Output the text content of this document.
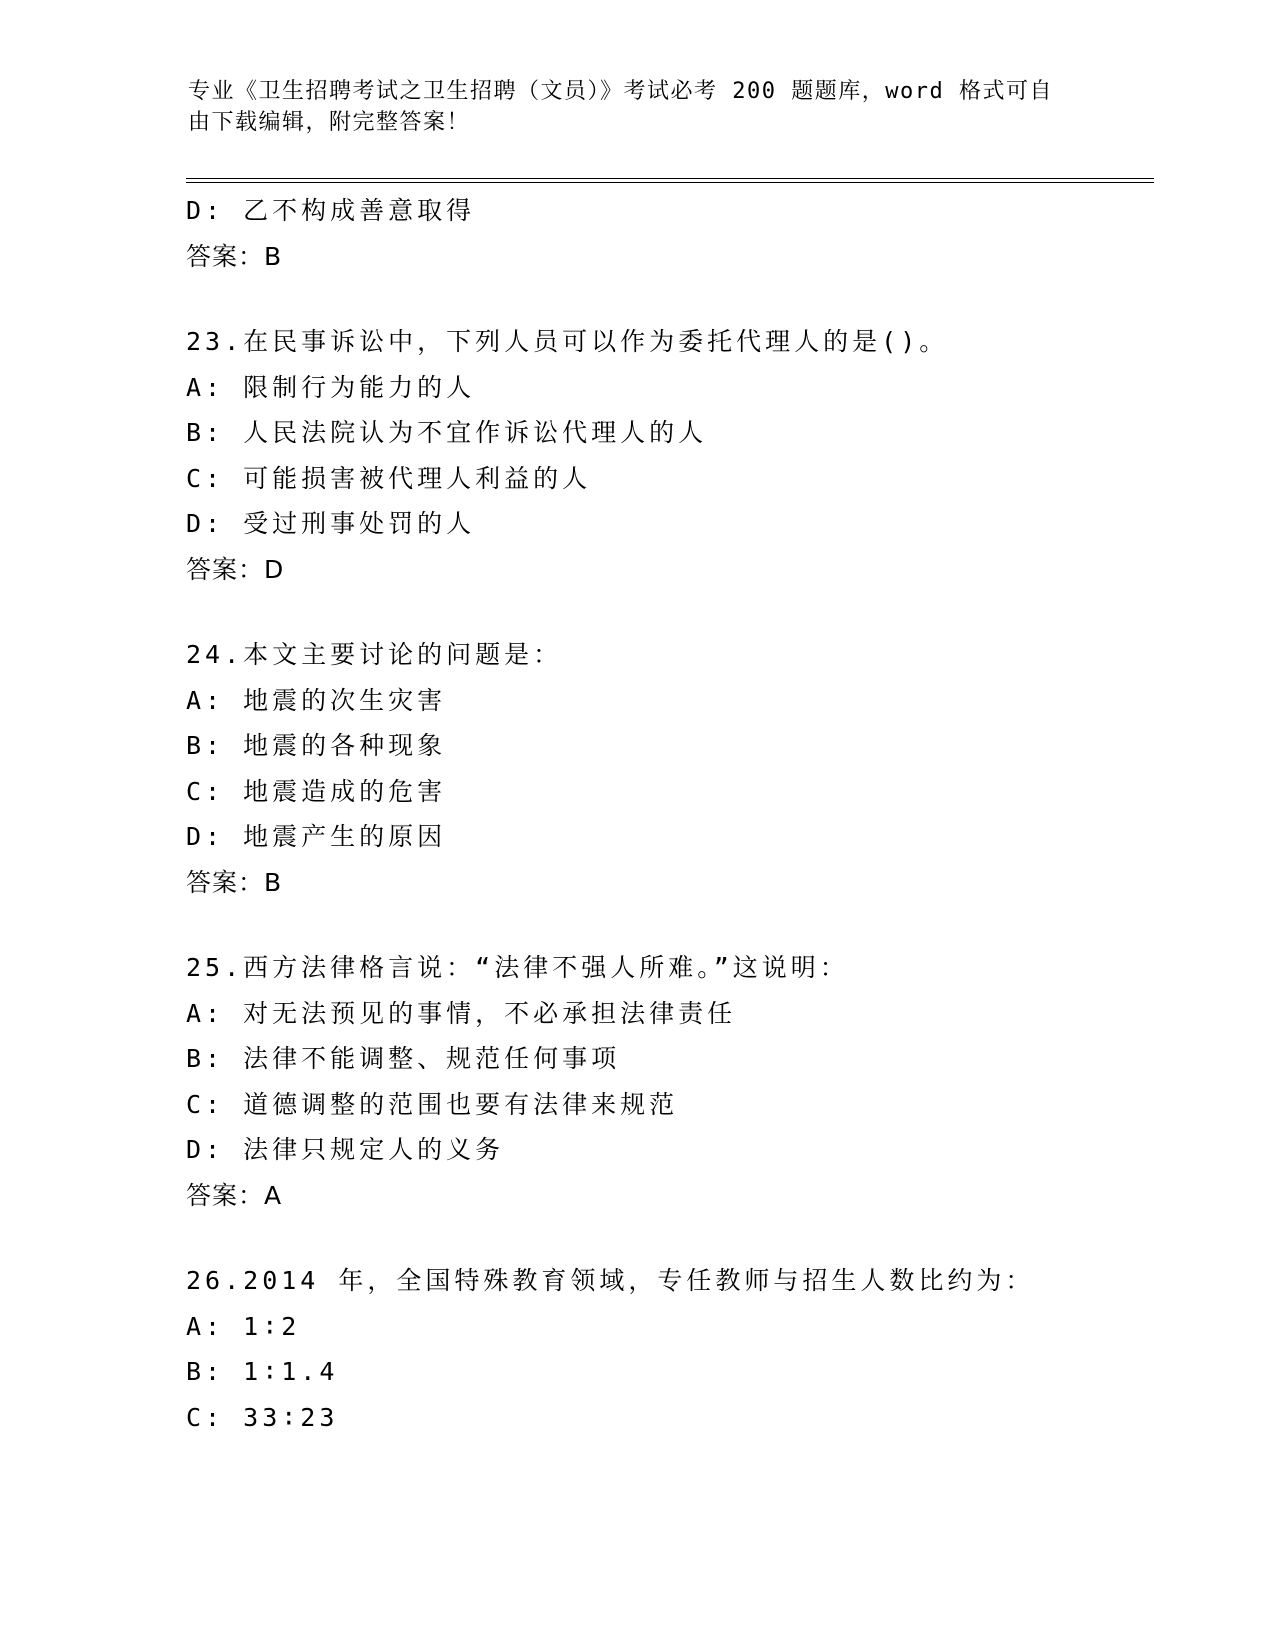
专业《卫生招聘考试之卫生招聘（文员）》考试必考 200 题题库，word 格式可自
由下载编辑，附完整答案！
D: 乙不构成善意取得
答案：B
23.在民事诉讼中，下列人员可以作为委托代理人的是()。
A: 限制行为能力的人
B: 人民法院认为不宜作诉讼代理人的人
C: 可能损害被代理人利益的人
D: 受过刑事处罚的人
答案：D
24.本文主要讨论的问题是：
A: 地震的次生灾害
B: 地震的各种现象
C: 地震造成的危害
D: 地震产生的原因
答案：B
25.西方法律格言说：“法律不强人所难。”这说明：
A: 对无法预见的事情，不必承担法律责任
B: 法律不能调整、规范任何事项
C: 道德调整的范围也要有法律来规范
D: 法律只规定人的义务
答案：A
26.2014 年，全国特殊教育领域，专任教师与招生人数比约为：
A: 1∶2
B: 1∶1.4
C: 33∶23
